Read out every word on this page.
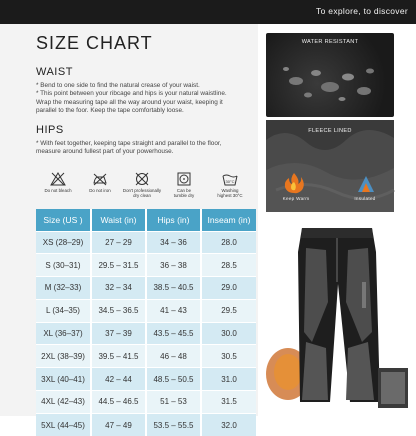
To explore, to discover
SIZE CHART
WAIST
* Bend to one side to find the natural crease of your waist.
* This point between your ribcage and hips is your natural waistline.
Wrap the measuring tape all the way around your waist, keeping it
parallel to the foor. Keep the tape comfortably loose.
HIPS
* With feet together, keeping tape straight and parallel to the floor,
measure around fullest part of your powerhouse.
Do not bleach	Do not iron	Don't professionally
dry clean
Can be
tumble dry
30°C
Washing
highest 30°C
Size (US )	Waist (in)	Hips (in)	Inseam (in)
XS (28–29)	27 – 29	34 – 36	28.0
S (30–31)	29.5 – 31.5	36 – 38	28.5
M (32–33)	32 – 34	38.5 – 40.5	29.0
L (34–35)	34.5 – 36.5	41 – 43	29.5
XL (36–37)	37 – 39	43.5 – 45.5	30.0
2XL (38–39)	39.5 – 41.5	46 – 48	30.5
3XL (40–41)	42 – 44	48.5 – 50.5	31.0
4XL (42–43)	44.5 – 46.5	51 – 53	31.5
5XL (44–45)	47 – 49	53.5 – 55.5	32.0
WATER RESISTANT
FLEECE LINED
Keep Warm	Insulated
